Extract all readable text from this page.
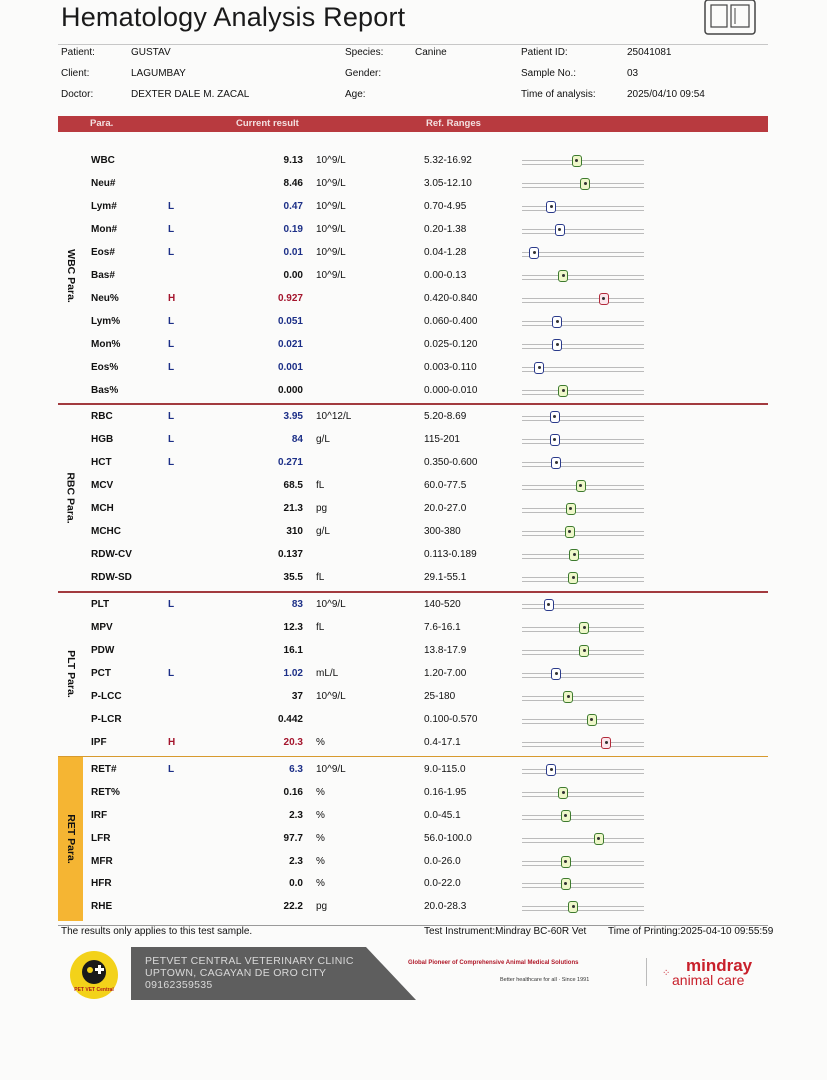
Hematology Analysis Report
Patient:	GUSTAV
Client:	LAGUMBAY
Doctor:	DEXTER DALE M. ZACAL
Species:	Canine
Gender:
Age:
Patient ID:	25041081
Sample No.:	03
Time of analysis:	2025/04/10 09:54
Para.	Current result	Ref. Ranges
WBC Para.
WBC	9.13 10^9/L	5.32-16.92
Neu#	8.46 10^9/L	3.05-12.10
Lym#	L	0.47 10^9/L	0.70-4.95
Mon#	L	0.19 10^9/L	0.20-1.38
Eos#	L	0.01 10^9/L	0.04-1.28
Bas#	0.00 10^9/L	0.00-0.13
Neu%	H	0.927	0.420-0.840
Lym%	L	0.051	0.060-0.400
Mon%	L	0.021	0.025-0.120
Eos%	L	0.001	0.003-0.110
Bas%	0.000	0.000-0.010
RBC Para.
RBC	L	3.95 10^12/L	5.20-8.69
HGB	L	84 g/L	115-201
HCT	L	0.271	0.350-0.600
MCV	68.5 fL	60.0-77.5
MCH	21.3 pg	20.0-27.0
MCHC	310 g/L	300-380
RDW-CV	0.137	0.113-0.189
RDW-SD	35.5 fL	29.1-55.1
PLT Para.
PLT	L	83 10^9/L	140-520
MPV	12.3 fL	7.6-16.1
PDW	16.1	13.8-17.9
PCT	L	1.02 mL/L	1.20-7.00
P-LCC	37 10^9/L	25-180
P-LCR	0.442	0.100-0.570
IPF	H	20.3 %	0.4-17.1
RET Para.
RET#	L	6.3 10^9/L	9.0-115.0
RET%	0.16 %	0.16-1.95
IRF	2.3 %	0.0-45.1
LFR	97.7 %	56.0-100.0
MFR	2.3 %	0.0-26.0
HFR	0.0 %	0.0-22.0
RHE	22.2 pg	20.0-28.3
The results only applies to this test sample.	Test Instrument:Mindray BC-60R Vet Time of Printing:2025-04-10 09:55:59
PET VET Central
PETVET CENTRAL VETERINARY CLINIC
UPTOWN, CAGAYAN DE ORO CITY
09162359535
Global Pioneer of Comprehensive Animal Medical Solutions
Better healthcare for all · Since 1991
mindray
animal care
⁘
